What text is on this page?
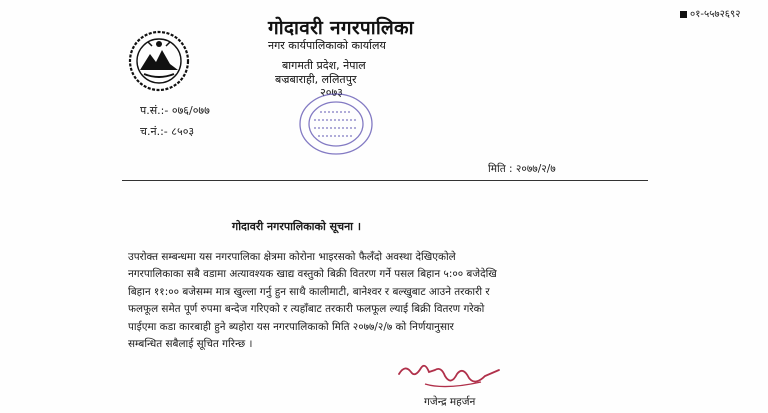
०१-५५७२६९२
गोदावरी नगरपालिका
नगर कार्यपालिकाको कार्यालय
बागमती प्रदेश, नेपाल
बज्रबाराही, ललितपुर
२०७३
प.सं.:- ०७६/०७७
च.नं.:- ८५०३
मिति : २०७७/२/७
गोदावरी नगरपालिकाको सूचना ।
उपरोक्त सम्बन्धमा यस नगरपालिका क्षेत्रमा कोरोना भाइरसको फैलँदो अवस्था देखिएकोले
नगरपालिकाका सबै वडामा अत्यावश्यक खाद्य वस्तुको बिक्री वितरण गर्ने पसल बिहान ५:०० बजेदेखि
बिहान ११:०० बजेसम्म मात्र खुल्ला गर्नु हुन साथै कालीमाटी, बानेश्वर र बल्खुबाट आउने तरकारी र
फलफूल समेत पूर्ण रुपमा बन्देज गरिएको र त्यहाँबाट तरकारी फलफूल ल्याई बिक्री वितरण गरेको
पाईएमा कडा कारबाही हुने ब्यहोरा यस नगरपालिकाको मिति २०७७/२/७ को निर्णयानुसार
सम्बन्धित सबैलाई सूचित गरिन्छ ।
गजेन्द्र महर्जन
